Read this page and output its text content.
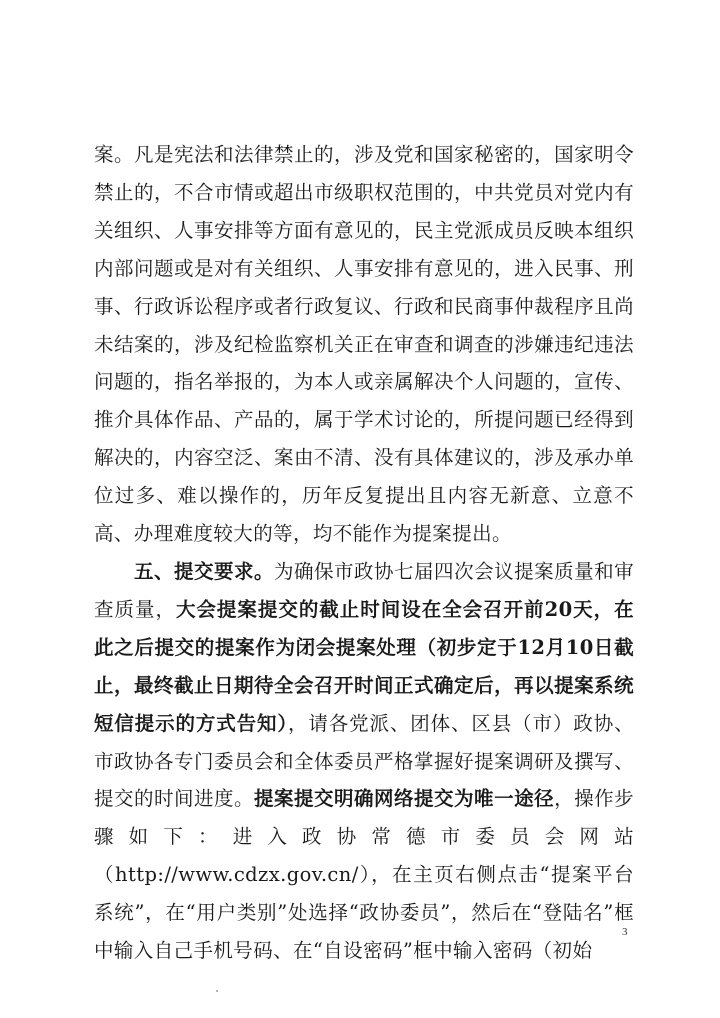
案。凡是宪法和法律禁止的，涉及党和国家秘密的，国家明令禁止的，不合市情或超出市级职权范围的，中共党员对党内有关组织、人事安排等方面有意见的，民主党派成员反映本组织内部问题或是对有关组织、人事安排有意见的，进入民事、刑事、行政诉讼程序或者行政复议、行政和民商事仲裁程序且尚未结案的，涉及纪检监察机关正在审查和调查的涉嫌违纪违法问题的，指名举报的，为本人或亲属解决个人问题的，宣传、推介具体作品、产品的，属于学术讨论的，所提问题已经得到解决的，内容空泛、案由不清、没有具体建议的，涉及承办单位过多、难以操作的，历年反复提出且内容无新意、立意不高、办理难度较大的等，均不能作为提案提出。

五、提交要求。为确保市政协七届四次会议提案质量和审查质量，大会提案提交的截止时间设在全会召开前20天，在此之后提交的提案作为闭会提案处理（初步定于12月10日截止，最终截止日期待全会召开时间正式确定后，再以提案系统短信提示的方式告知），请各党派、团体、区县（市）政协、市政协各专门委员会和全体委员严格掌握好提案调研及撰写、提交的时间进度。提案提交明确网络提交为唯一途径，操作步骤如下：进入政协常德市委员会网站（http://www.cdzx.gov.cn/），在主页右侧点击“提案平台系统”，在“用户类别”处选择“政协委员”，然后在“登陆名”框中输入自己手机号码、在“自设密码”框中输入密码（初始

3
